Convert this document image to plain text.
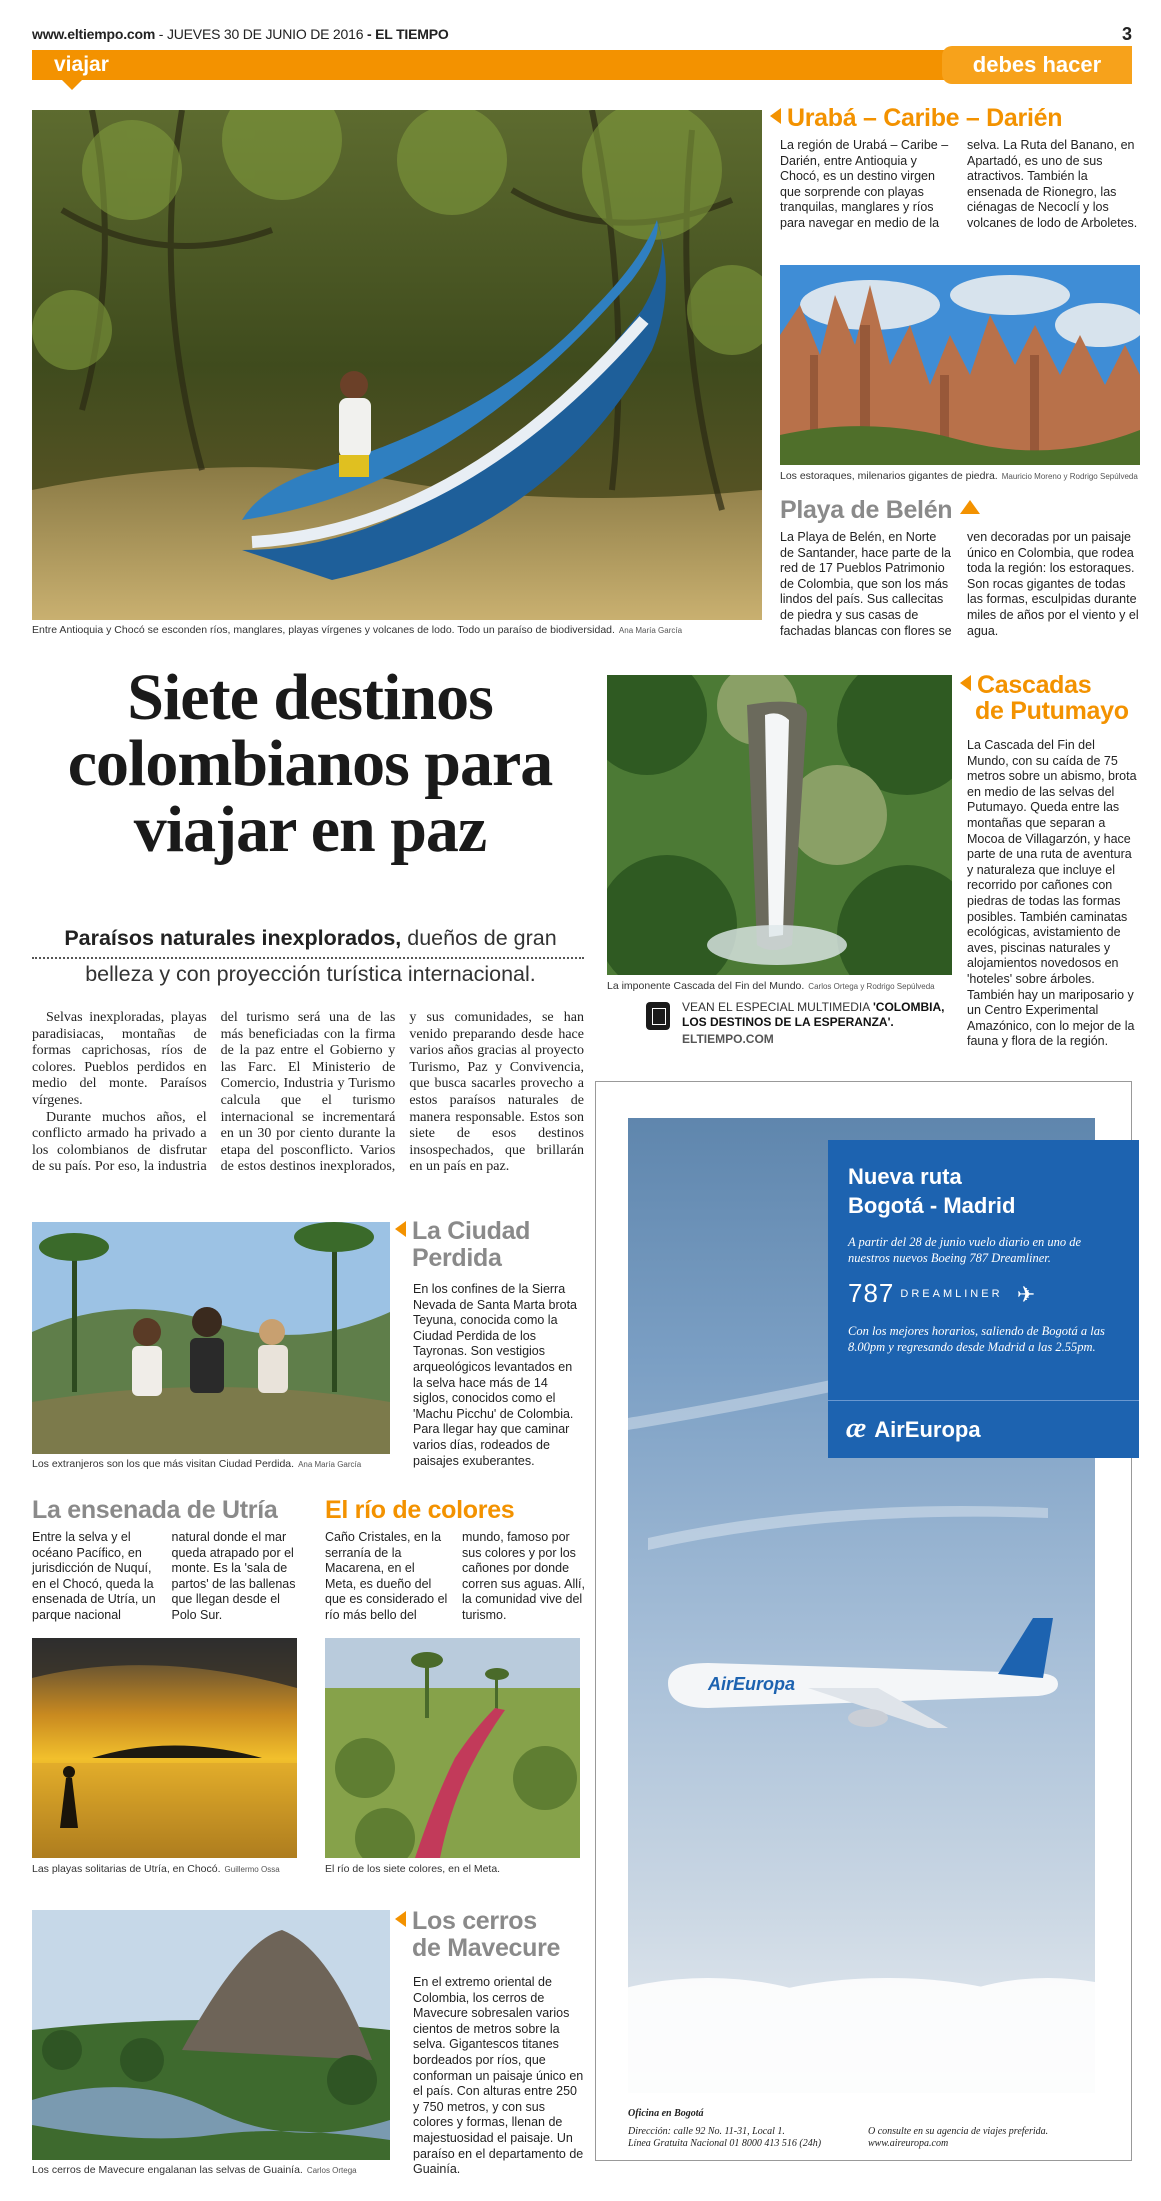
www.eltiempo.com - JUEVES 30 DE JUNIO DE 2016 - EL TIEMPO	3
viajar	debes hacer
Entre Antioquia y Chocó se esconden ríos, manglares, playas vírgenes y volcanes de lodo. Todo un paraíso de biodiversidad. Ana María García
Urabá – Caribe – Darién
La región de Urabá – Caribe – Darién, entre Antioquia y Chocó, es un destino virgen que sorprende con playas tranquilas, manglares y ríos para navegar en medio de la selva. La Ruta del Banano, en Apartadó, es uno de sus atractivos. También la ensenada de Rionegro, las ciénagas de Necoclí y los volcanes de lodo de Arboletes.
Los estoraques, milenarios gigantes de piedra. Mauricio Moreno y Rodrigo Sepúlveda
Playa de Belén
La Playa de Belén, en Norte de Santander, hace parte de la red de 17 Pueblos Patrimonio de Colombia, que son los más lindos del país. Sus callecitas de piedra y sus casas de fachadas blancas con flores se ven decoradas por un paisaje único en Colombia, que rodea toda la región: los estoraques. Son rocas gigantes de todas las formas, esculpidas durante miles de años por el viento y el agua.
Siete destinos colombianos para viajar en paz
Paraísos naturales inexplorados, dueños de gran belleza y con proyección turística internacional.

Selvas inexploradas, playas paradisiacas, montañas de formas caprichosas, ríos de colores. Pueblos perdidos en medio del monte. Paraísos vírgenes.

Durante muchos años, el conflicto armado ha privado a los colombianos de disfrutar de su país. Por eso, la industria del turismo será una de las más beneficiadas con la firma de la paz entre el Gobierno y las Farc. El Ministerio de Comercio, Industria y Turismo calcula que el turismo internacional se incrementará en un 30 por ciento durante la etapa del posconflicto. Varios de estos destinos inexplorados, y sus comunidades, se han venido preparando desde hace varios años gracias al proyecto Turismo, Paz y Convivencia, que busca sacarles provecho a estos paraísos naturales de manera responsable. Estos son siete de esos destinos insospechados, que brillarán en un país en paz.

La imponente Cascada del Fin del Mundo. Carlos Ortega y Rodrigo Sepúlveda
Cascadas
de Putumayo
La Cascada del Fin del Mundo, con su caída de 75 metros sobre un abismo, brota en medio de las selvas del Putumayo. Queda entre las montañas que separan a Mocoa de Villagarzón, y hace parte de una ruta de aventura y naturaleza que incluye el recorrido por cañones con piedras de todas las formas posibles. También caminatas ecológicas, avistamiento de aves, piscinas naturales y alojamientos novedosos en 'hoteles' sobre árboles. También hay un mariposario y un Centro Experimental Amazónico, con lo mejor de la fauna y flora de la región.
VEAN EL ESPECIAL MULTIMEDIA 'COLOMBIA, LOS DESTINOS DE LA ESPERANZA'.
ELTIEMPO.COM
Los extranjeros son los que más visitan Ciudad Perdida. Ana María García
La Ciudad
Perdida
En los confines de la Sierra Nevada de Santa Marta brota Teyuna, conocida como la Ciudad Perdida de los Tayronas. Son vestigios arqueológicos levantados en la selva hace más de 14 siglos, conocidos como el 'Machu Picchu' de Colombia. Para llegar hay que caminar varios días, rodeados de paisajes exuberantes.
La ensenada de Utría
Entre la selva y el océano Pacífico, en jurisdicción de Nuquí, en el Chocó, queda la ensenada de Utría, un parque nacional natural donde el mar queda atrapado por el monte. Es la 'sala de partos' de las ballenas que llegan desde el Polo Sur.
Las playas solitarias de Utría, en Chocó. Guillermo Ossa
El río de colores
Caño Cristales, en la serranía de la Macarena, en el Meta, es dueño del que es considerado el río más bello del mundo, famoso por sus colores y por los cañones por donde corren sus aguas. Allí, la comunidad vive del turismo.
El río de los siete colores, en el Meta.
Los cerros de Mavecure engalanan las selvas de Guainía. Carlos Ortega
Los cerros
de Mavecure
En el extremo oriental de Colombia, los cerros de Mavecure sobresalen varios cientos de metros sobre la selva. Gigantescos titanes bordeados por ríos, que conforman un paisaje único en el país. Con alturas entre 250 y 750 metros, y con sus colores y formas, llenan de majestuosidad el paisaje. Un paraíso en el departamento de Guainía.
AirEuropa
Nueva ruta
Bogotá - Madrid
A partir del 28 de junio vuelo diario en uno de nuestros nuevos Boeing 787 Dreamliner.
787 DREAMLINER ✈
Con los mejores horarios, saliendo de Bogotá a las 8.00pm y regresando desde Madrid a las 2.55pm.
æ AirEuropa
Oficina en Bogotá
Dirección: calle 92 No. 11-31, Local 1.
Línea Gratuita Nacional 01 8000 413 516 (24h)
O consulte en su agencia de viajes preferida.
www.aireuropa.com
